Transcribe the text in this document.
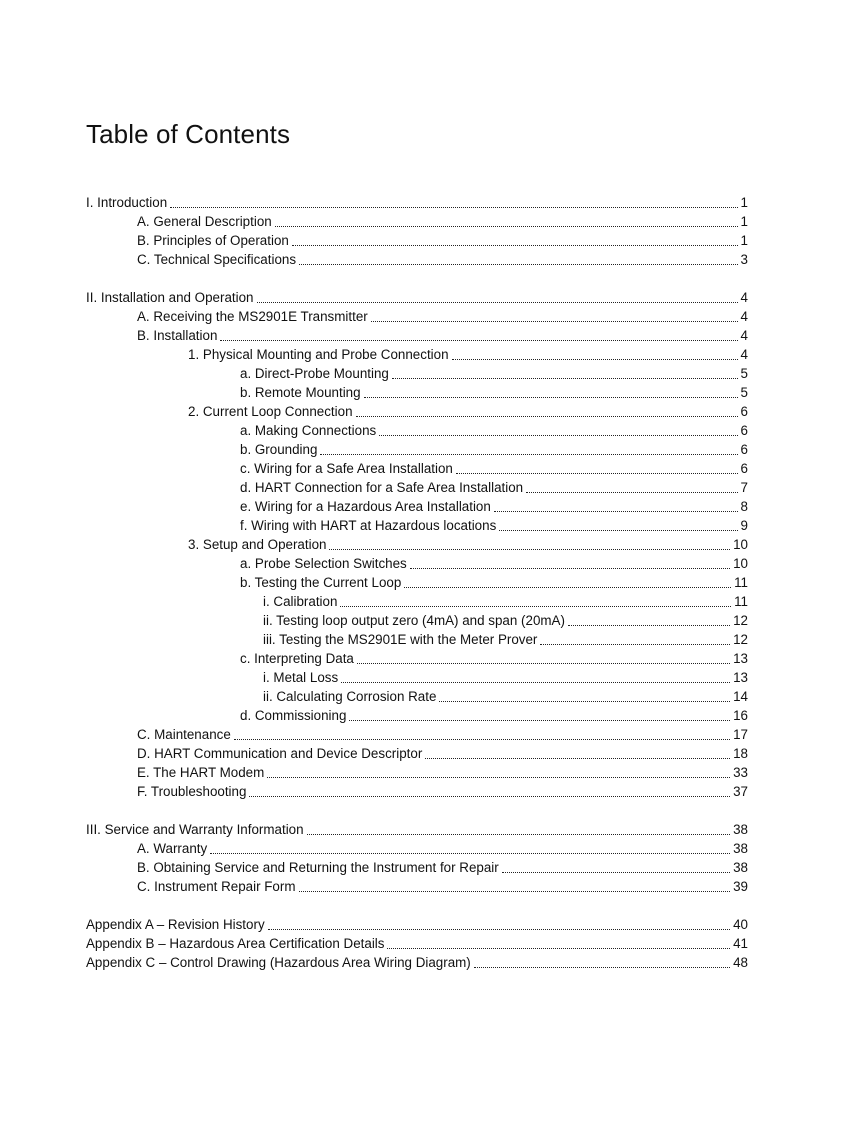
Table of Contents
I. Introduction	1
A. General Description	1
B. Principles of Operation	1
C. Technical Specifications	3
II. Installation and Operation	4
A. Receiving the MS2901E Transmitter	4
B. Installation	4
1. Physical Mounting and Probe Connection	4
a. Direct-Probe Mounting	5
b. Remote Mounting	5
2. Current Loop Connection	6
a. Making Connections	6
b. Grounding	6
c. Wiring for a Safe Area Installation	6
d. HART Connection for a Safe Area Installation	7
e. Wiring for a Hazardous Area Installation	8
f. Wiring with HART at Hazardous locations	9
3. Setup and Operation	10
a. Probe Selection Switches	10
b. Testing the Current Loop	11
i. Calibration	11
ii. Testing loop output zero (4mA) and span (20mA)	12
iii. Testing the MS2901E with the Meter Prover	12
c. Interpreting Data	13
i. Metal Loss	13
ii. Calculating Corrosion Rate	14
d. Commissioning	16
C. Maintenance	17
D. HART Communication and Device Descriptor	18
E. The HART Modem	33
F. Troubleshooting	37
III. Service and Warranty Information	38
A. Warranty	38
B. Obtaining Service and Returning the Instrument for Repair	38
C. Instrument Repair Form	39
Appendix A – Revision History	40
Appendix B – Hazardous Area Certification Details	41
Appendix C – Control Drawing (Hazardous Area Wiring Diagram)	48
